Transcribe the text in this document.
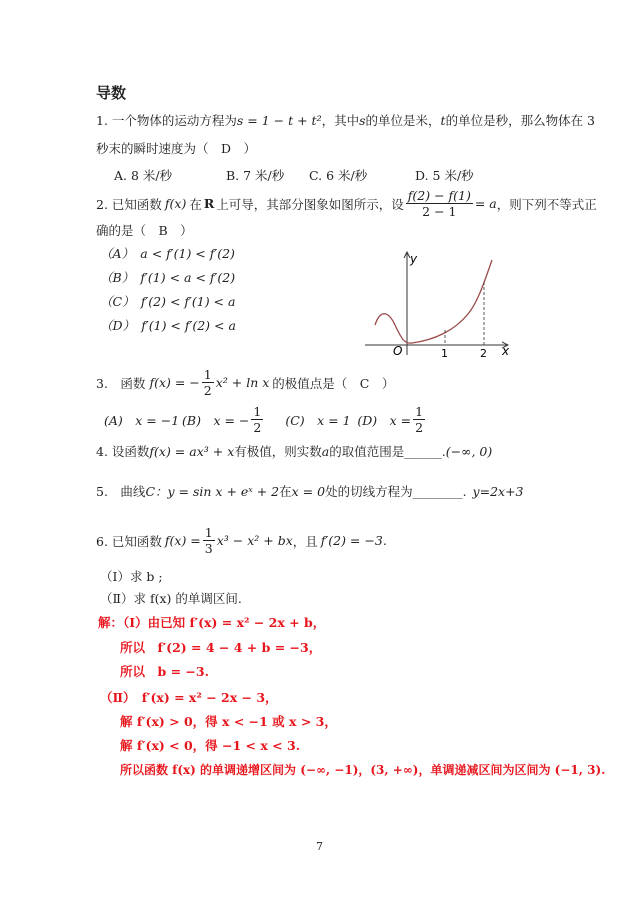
导数
1. 一个物体的运动方程为s = 1 − t + t²，其中s的单位是米，t的单位是秒，那么物体在 3
秒末的瞬时速度为（　D　）
A. 8 米/秒	B. 7 米/秒 C. 6 米/秒	D. 5 米/秒
2. 已知函数 f(x) 在 R 上可导，其部分图象如图所示，设 $\frac{f(2) - f(1)}{2 - 1} = a$ ，则下列不等式正
确的是（　B　）
（A）　a < f′(1) < f′(2)
（B）　f′(1) < a < f′(2)
（C）　f′(2) < f′(1) < a
（D）　f′(1) < f′(2) < a
y
x
O	1	2
3.　函数 f(x) = − $\frac{1}{2} x^2 + \ln x$ 的极值点是（　C　）
(A)　x = −1 (B)　x = − $\frac{1}{2} (C)$　x = 1 (D)　$x = \frac{1}{2}$
4. 设函数f(x) = ax³ + x有极值，则实数a的取值范围是______.(−∞, 0)
5.　曲线C：y = sin x + eˣ + 2在x = 0处的切线方程为________. y=2x+3
6. 已知函数 $f(x) = \frac{1}{3} x^3 - x^2$ + bx ，且 f′(2) = −3 .
（Ⅰ）求 b ;
（Ⅱ）求 f(x) 的单调区间.
解：（Ⅰ）由已知 f′(x) = x² − 2x + b，
所以　f′(2) = 4 − 4 + b = −3，
所以　b = −3.
（Ⅱ）　f′(x) = x² − 2x − 3，
解 f′(x) > 0，得 x < −1 或 x > 3，
解 f′(x) < 0，得 −1 < x < 3.
所以函数 f(x) 的单调递增区间为 (−∞, −1)，(3, +∞)，单调递减区间为区间为 (−1, 3).
7
